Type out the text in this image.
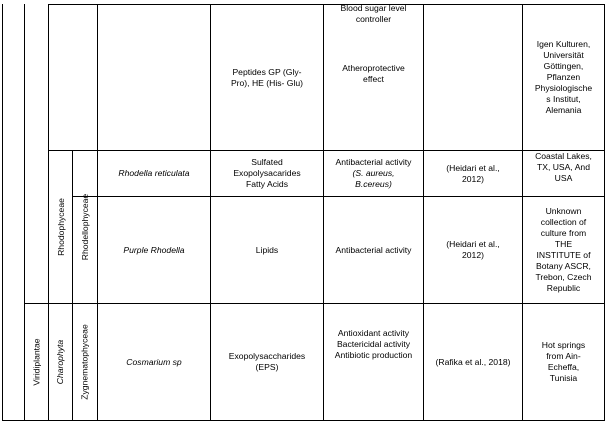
Peptides GP (Gly-
Pro), HE (His- Glu)
Blood sugar level
controller
Atheroprotective
effect
Igen Kulturen,
Universität
Göttingen,
Pflanzen
Physiologische
s Institut,
Alemania
Rhodella reticulata
Sulfated
Exopolysacarides
Fatty Acids
Antibacterial activity
(S. aureus,
B.cereus)
(Heidari et al.,
2012)
Coastal Lakes,
TX, USA, And
USA
Purple Rhodella	Lipids	Antibacterial activity
(Heidari et al.,
2012)
Unknown
collection of
culture from
THE
INSTITUTE of
Botany ASCR,
Trebon, Czech
Republic
Cosmarium sp
Exopolysaccharides
(EPS)
Antioxidant activity
Bactericidal activity
Antibiotic production
(Rafika et al., 2018)
Hot springs
from Ain-
Echeffa,
Tunisia
Viridiplantae
Rhodophyceae Rhodellophyceae
Charophyta Zygnematophyceae
